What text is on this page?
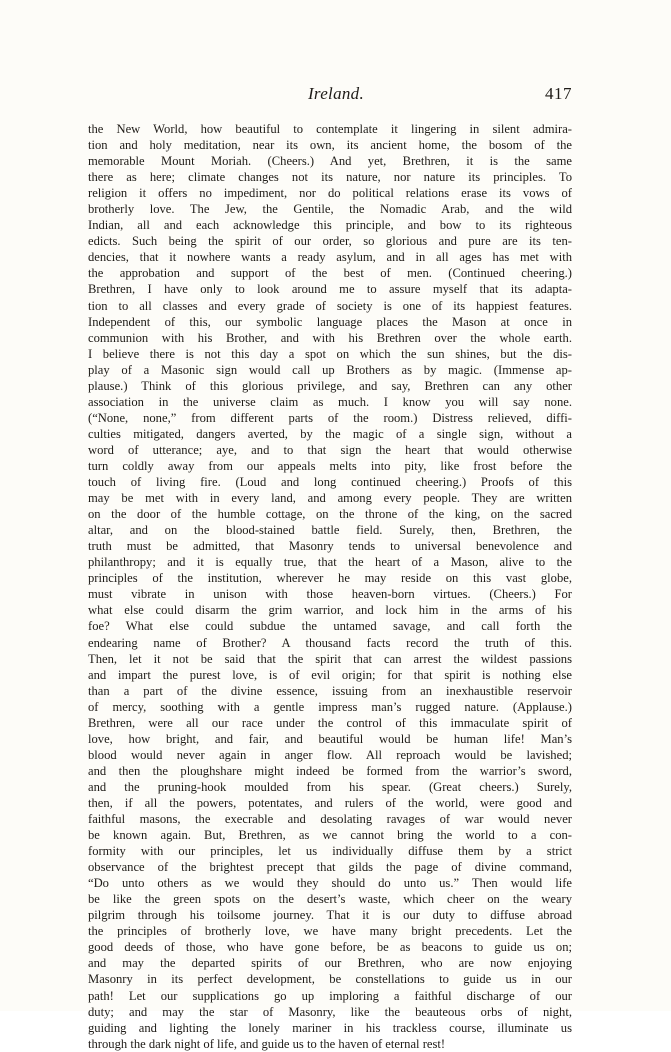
Ireland.	417
the New World, how beautiful to contemplate it lingering in silent admira-
tion and holy meditation, near its own, its ancient home, the bosom of the
memorable Mount Moriah. (Cheers.) And yet, Brethren, it is the same
there as here; climate changes not its nature, nor nature its principles. To
religion it offers no impediment, nor do political relations erase its vows of
brotherly love. The Jew, the Gentile, the Nomadic Arab, and the wild
Indian, all and each acknowledge this principle, and bow to its righteous
edicts. Such being the spirit of our order, so glorious and pure are its ten-
dencies, that it nowhere wants a ready asylum, and in all ages has met with
the approbation and support of the best of men. (Continued cheering.)
Brethren, I have only to look around me to assure myself that its adapta-
tion to all classes and every grade of society is one of its happiest features.
Independent of this, our symbolic language places the Mason at once in
communion with his Brother, and with his Brethren over the whole earth.
I believe there is not this day a spot on which the sun shines, but the dis-
play of a Masonic sign would call up Brothers as by magic. (Immense ap-
plause.) Think of this glorious privilege, and say, Brethren can any other
association in the universe claim as much. I know you will say none.
(“None, none,” from different parts of the room.) Distress relieved, diffi-
culties mitigated, dangers averted, by the magic of a single sign, without a
word of utterance; aye, and to that sign the heart that would otherwise
turn coldly away from our appeals melts into pity, like frost before the
touch of living fire. (Loud and long continued cheering.) Proofs of this
may be met with in every land, and among every people. They are written
on the door of the humble cottage, on the throne of the king, on the sacred
altar, and on the blood-stained battle field. Surely, then, Brethren, the
truth must be admitted, that Masonry tends to universal benevolence and
philanthropy; and it is equally true, that the heart of a Mason, alive to the
principles of the institution, wherever he may reside on this vast globe,
must vibrate in unison with those heaven-born virtues. (Cheers.) For
what else could disarm the grim warrior, and lock him in the arms of his
foe? What else could subdue the untamed savage, and call forth the
endearing name of Brother? A thousand facts record the truth of this.
Then, let it not be said that the spirit that can arrest the wildest passions
and impart the purest love, is of evil origin; for that spirit is nothing else
than a part of the divine essence, issuing from an inexhaustible reservoir
of mercy, soothing with a gentle impress man’s rugged nature. (Applause.)
Brethren, were all our race under the control of this immaculate spirit of
love, how bright, and fair, and beautiful would be human life! Man’s
blood would never again in anger flow. All reproach would be lavished;
and then the ploughshare might indeed be formed from the warrior’s sword,
and the pruning-hook moulded from his spear. (Great cheers.) Surely,
then, if all the powers, potentates, and rulers of the world, were good and
faithful masons, the execrable and desolating ravages of war would never
be known again. But, Brethren, as we cannot bring the world to a con-
formity with our principles, let us individually diffuse them by a strict
observance of the brightest precept that gilds the page of divine command,
“Do unto others as we would they should do unto us.” Then would life
be like the green spots on the desert’s waste, which cheer on the weary
pilgrim through his toilsome journey. That it is our duty to diffuse abroad
the principles of brotherly love, we have many bright precedents. Let the
good deeds of those, who have gone before, be as beacons to guide us on;
and may the departed spirits of our Brethren, who are now enjoying
Masonry in its perfect development, be constellations to guide us in our
path! Let our supplications go up imploring a faithful discharge of our
duty; and may the star of Masonry, like the beauteous orbs of night,
guiding and lighting the lonely mariner in his trackless course, illuminate us
through the dark night of life, and guide us to the haven of eternal rest!
